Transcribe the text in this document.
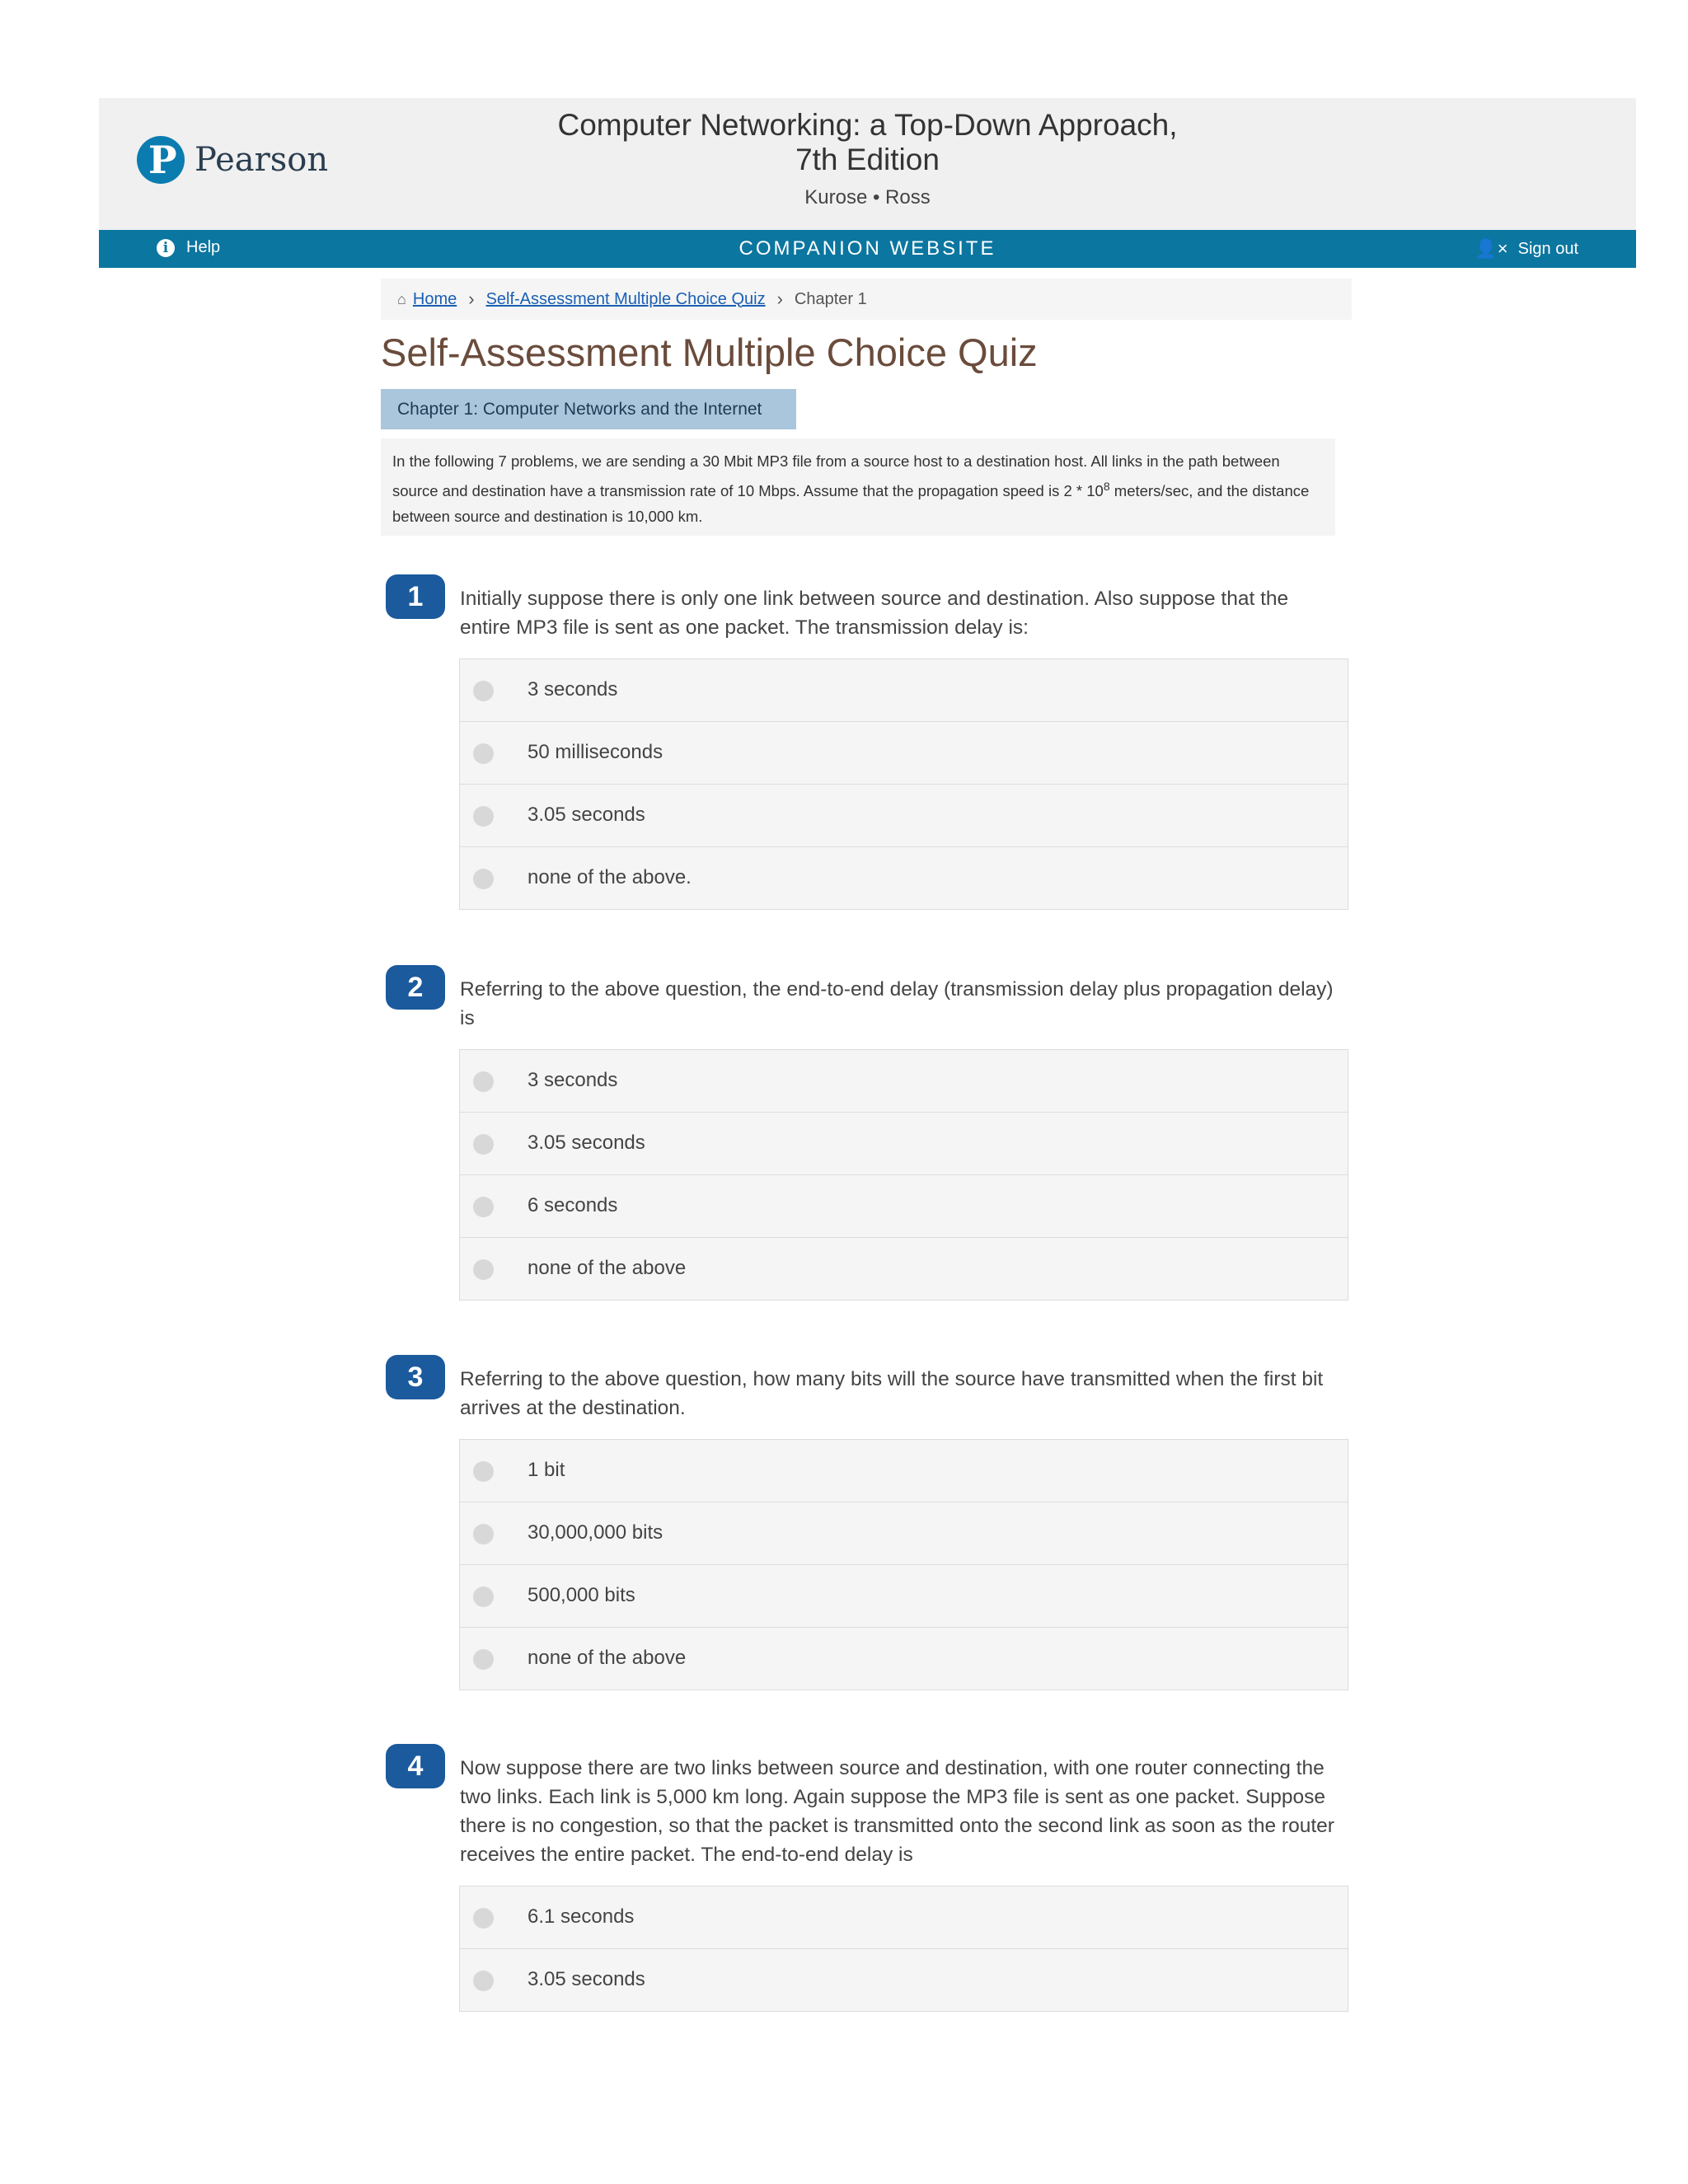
P Pearson
Computer Networking: a Top-Down Approach,
7th Edition
Kurose • Ross
i	Help	COMPANION WEBSITE	👤× Sign out
⌂ Home › Self-Assessment Multiple Choice Quiz › Chapter 1
Self-Assessment Multiple Choice Quiz
Chapter 1: Computer Networks and the Internet
In the following 7 problems, we are sending a 30 Mbit MP3 file from a source host to a destination host. All links in the path between source and destination have a transmission rate of 10 Mbps. Assume that the propagation speed is $2 * 10^8$ meters/sec, and the distance between source and destination is 10,000 km.
1	Initially suppose there is only one link between source and destination. Also suppose that the entire MP3 file is sent as one packet. The transmission delay is:
3 seconds
50 milliseconds
3.05 seconds
none of the above.
2	Referring to the above question, the end-to-end delay (transmission delay plus propagation delay) is
3 seconds
3.05 seconds
6 seconds
none of the above
3	Referring to the above question, how many bits will the source have transmitted when the first bit arrives at the destination.
1 bit
30,000,000 bits
500,000 bits
none of the above
4	Now suppose there are two links between source and destination, with one router connecting the two links. Each link is 5,000 km long. Again suppose the MP3 file is sent as one packet. Suppose there is no congestion, so that the packet is transmitted onto the second link as soon as the router receives the entire packet. The end-to-end delay is
6.1 seconds
3.05 seconds
